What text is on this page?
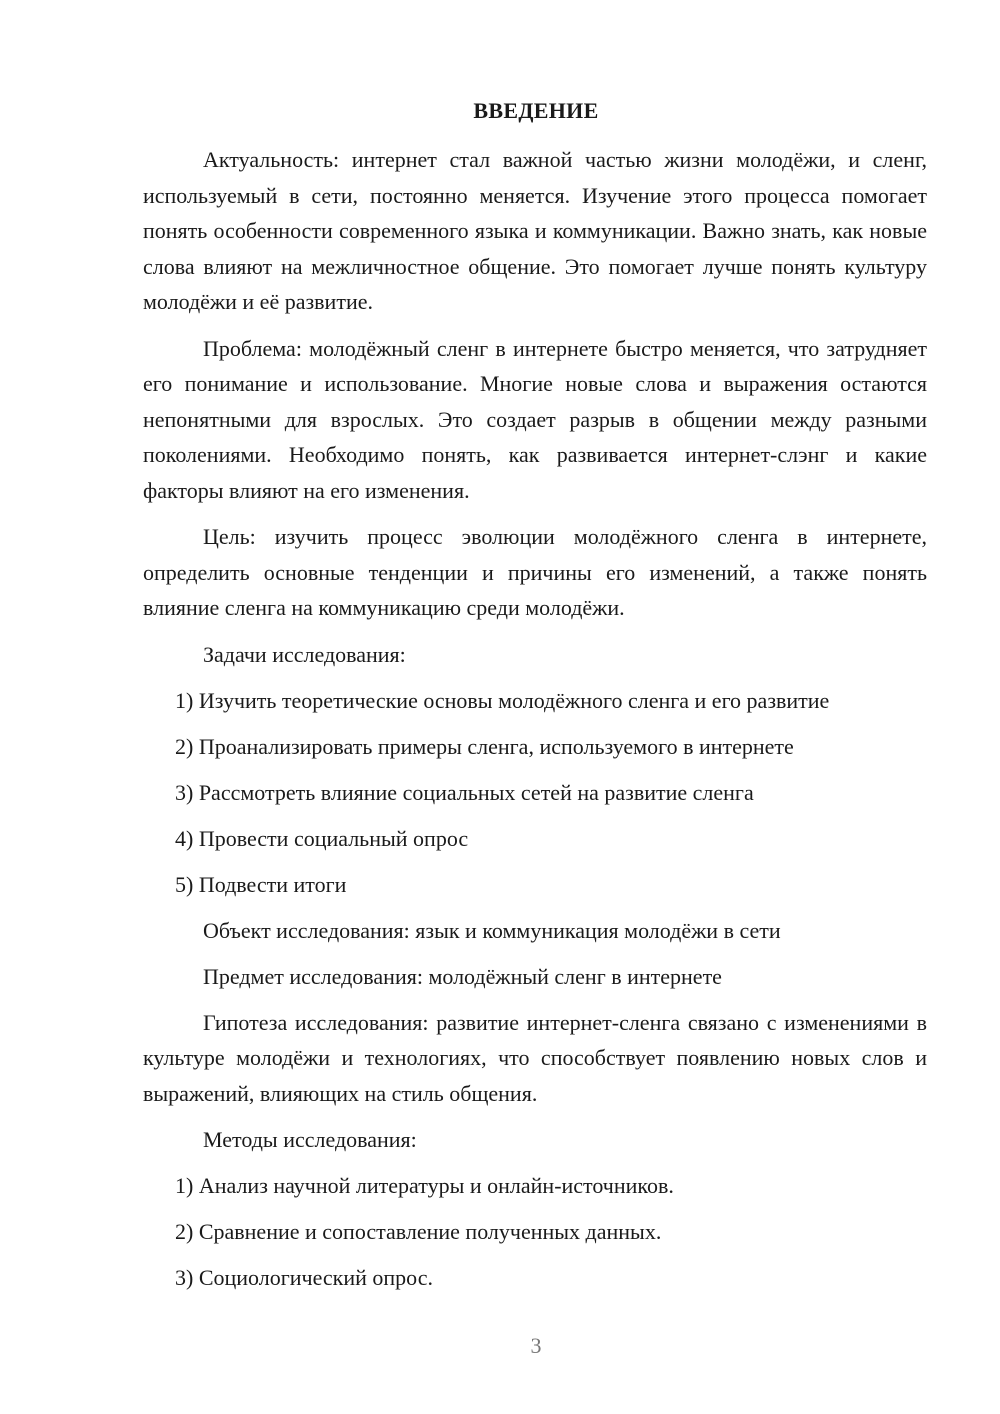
ВВЕДЕНИЕ

Актуальность: интернет стал важной частью жизни молодёжи, и сленг, используемый в сети, постоянно меняется. Изучение этого процесса помогает понять особенности современного языка и коммуникации. Важно знать, как новые слова влияют на межличностное общение. Это помогает лучше понять культуру молодёжи и её развитие.

Проблема: молодёжный сленг в интернете быстро меняется, что затрудняет его понимание и использование. Многие новые слова и выражения остаются непонятными для взрослых. Это создает разрыв в общении между разными поколениями. Необходимо понять, как развивается интернет-слэнг и какие факторы влияют на его изменения.

Цель: изучить процесс эволюции молодёжного сленга в интернете, определить основные тенденции и причины его изменений, а также понять влияние сленга на коммуникацию среди молодёжи.

Задачи исследования:

1) Изучить теоретические основы молодёжного сленга и его развитие

2) Проанализировать примеры сленга, используемого в интернете

3) Рассмотреть влияние социальных сетей на развитие сленга

4) Провести социальный опрос

5) Подвести итоги

Объект исследования: язык и коммуникация молодёжи в сети

Предмет исследования: молодёжный сленг в интернете

Гипотеза исследования: развитие интернет-сленга связано с изменениями в культуре молодёжи и технологиях, что способствует появлению новых слов и выражений, влияющих на стиль общения.

Методы исследования:

1) Анализ научной литературы и онлайн-источников.

2) Сравнение и сопоставление полученных данных.

3) Социологический опрос.

3
